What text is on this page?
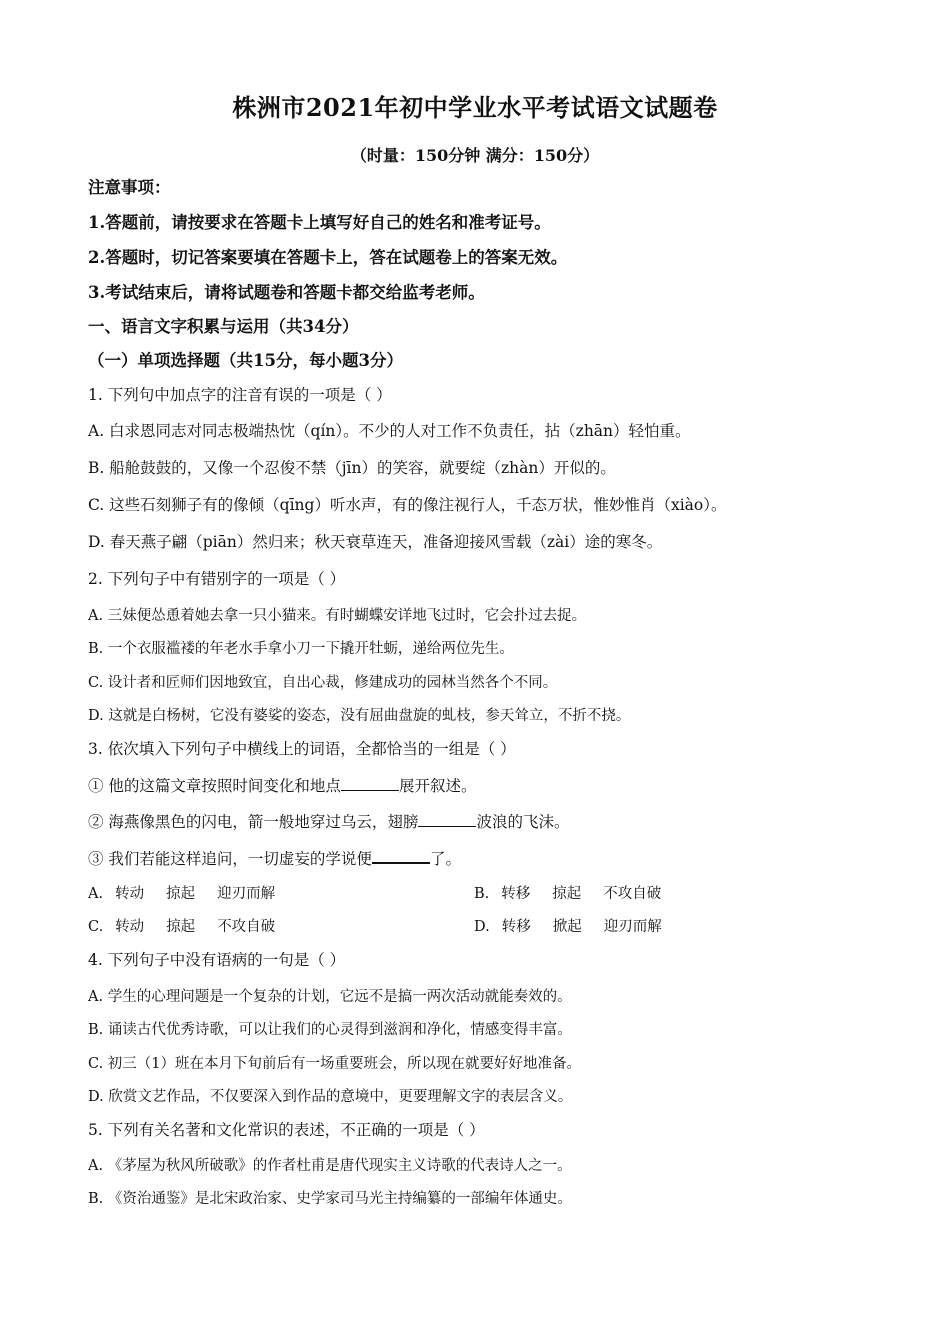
株洲市2021年初中学业水平考试语文试题卷
（时量：150分钟 满分：150分）
注意事项：
1.答题前，请按要求在答题卡上填写好自己的姓名和准考证号。
2.答题时，切记答案要填在答题卡上，答在试题卷上的答案无效。
3.考试结束后，请将试题卷和答题卡都交给监考老师。
一、语言文字积累与运用（共34分）
（一）单项选择题（共15分，每小题3分）
1. 下列句中加点字的注音有误的一项是（ ）
A. 白求恩同志对同志极端热忱（qín）。不少的人对工作不负责任，拈（zhān）轻怕重。
B. 船舱鼓鼓的，又像一个忍俊不禁（jīn）的笑容，就要绽（zhàn）开似的。
C. 这些石刻狮子有的像倾（qīng）听水声，有的像注视行人，千态万状，惟妙惟肖（xiào）。
D. 春天燕子翩（piān）然归来；秋天衰草连天，准备迎接风雪载（zài）途的寒冬。
2. 下列句子中有错别字的一项是（ ）
A. 三妹便怂恿着她去拿一只小猫来。有时蝴蝶安详地飞过时，它会扑过去捉。
B. 一个衣服褴褛的年老水手拿小刀一下撬开牡蛎，递给两位先生。
C. 设计者和匠师们因地致宜，自出心裁，修建成功的园林当然各个不同。
D. 这就是白杨树，它没有婆娑的姿态，没有屈曲盘旋的虬枝，参天耸立，不折不挠。
3. 依次填入下列句子中横线上的词语，全都恰当的一组是（ ）
① 他的这篇文章按照时间变化和地点	展开叙述。
② 海燕像黑色的闪电，箭一般地穿过乌云，翅膀	波浪的飞沫。
③ 我们若能这样追问，一切虚妄的学说便	了。
A. 转动 掠起 迎刃而解	B. 转移 掠起 不攻自破
C. 转动 掠起 不攻自破	D. 转移 掀起 迎刃而解
4. 下列句子中没有语病的一句是（ ）
A. 学生的心理问题是一个复杂的计划，它远不是搞一两次活动就能奏效的。
B. 诵读古代优秀诗歌，可以让我们的心灵得到滋润和净化，情感变得丰富。
C. 初三（1）班在本月下旬前后有一场重要班会，所以现在就要好好地准备。
D. 欣赏文艺作品，不仅要深入到作品的意境中，更要理解文字的表层含义。
5. 下列有关名著和文化常识的表述，不正确的一项是（ ）
A. 《茅屋为秋风所破歌》的作者杜甫是唐代现实主义诗歌的代表诗人之一。
B. 《资治通鉴》是北宋政治家、史学家司马光主持编纂的一部编年体通史。
